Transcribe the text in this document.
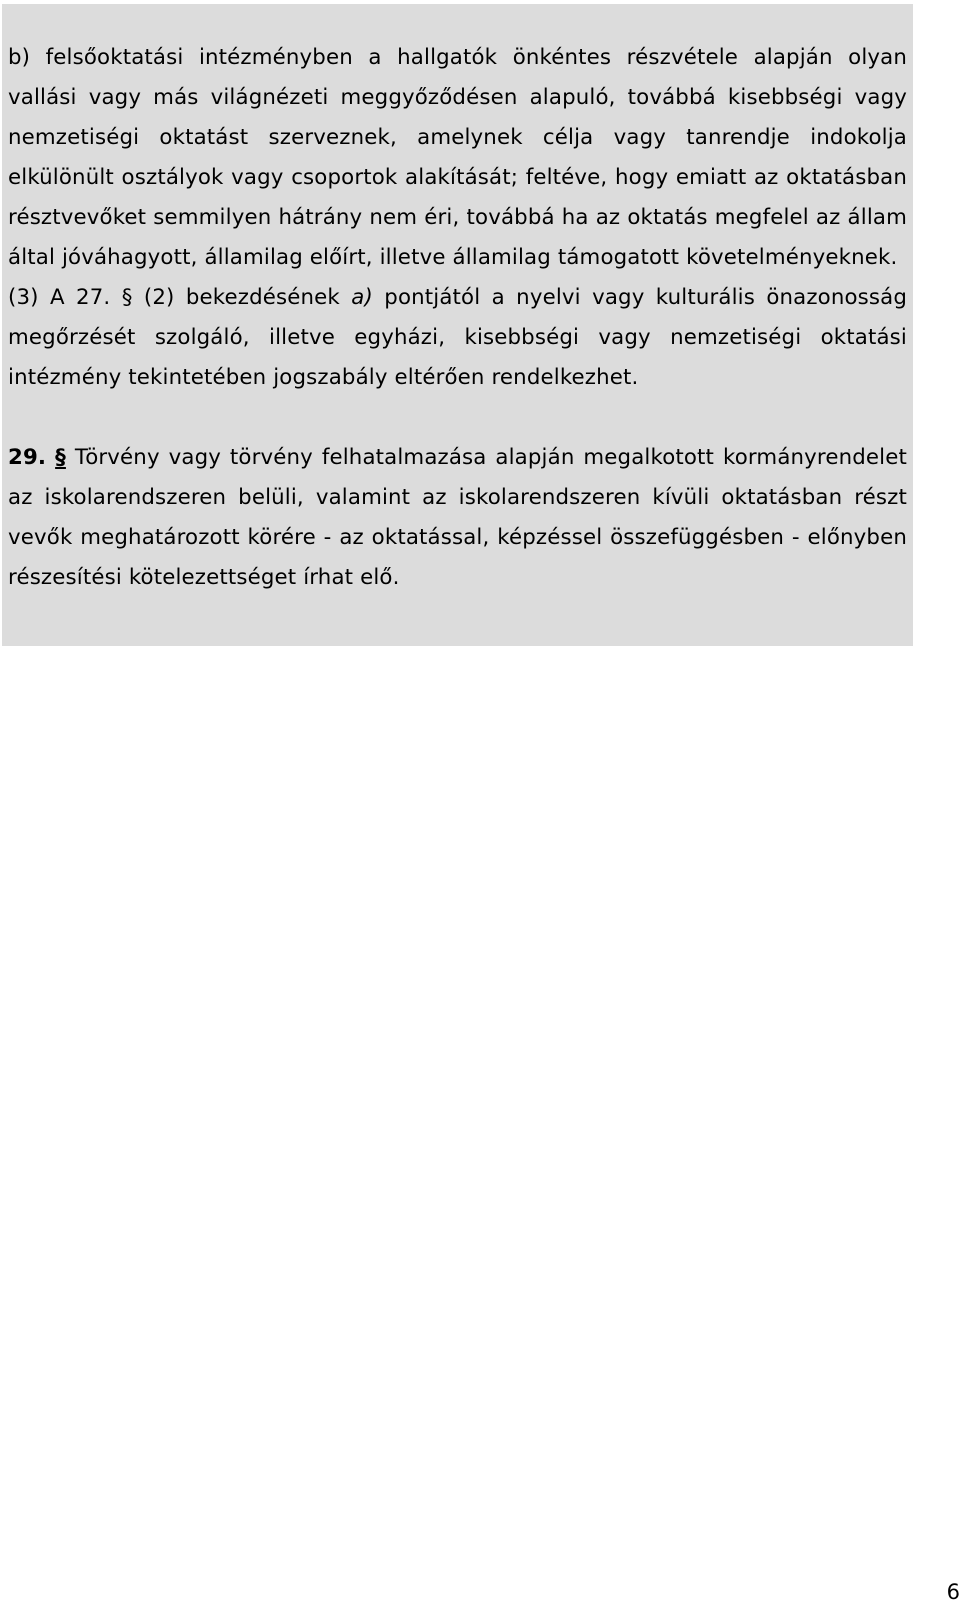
b) felsőoktatási intézményben a hallgatók önkéntes részvétele alapján olyan vallási vagy más világnézeti meggyőződésen alapuló, továbbá kisebbségi vagy nemzetiségi oktatást szerveznek, amelynek célja vagy tanrendje indokolja elkülönült osztályok vagy csoportok alakítását; feltéve, hogy emiatt az oktatásban résztvevőket semmilyen hátrány nem éri, továbbá ha az oktatás megfelel az állam által jóváhagyott, államilag előírt, illetve államilag támogatott követelményeknek.

(3) A 27. § (2) bekezdésének a) pontjától a nyelvi vagy kulturális önazonosság megőrzését szolgáló, illetve egyházi, kisebbségi vagy nemzetiségi oktatási intézmény tekintetében jogszabály eltérően rendelkezhet.

29. § Törvény vagy törvény felhatalmazása alapján megalkotott kormányrendelet az iskolarendszeren belüli, valamint az iskolarendszeren kívüli oktatásban részt vevők meghatározott körére - az oktatással, képzéssel összefüggésben - előnyben részesítési kötelezettséget írhat elő.

6
